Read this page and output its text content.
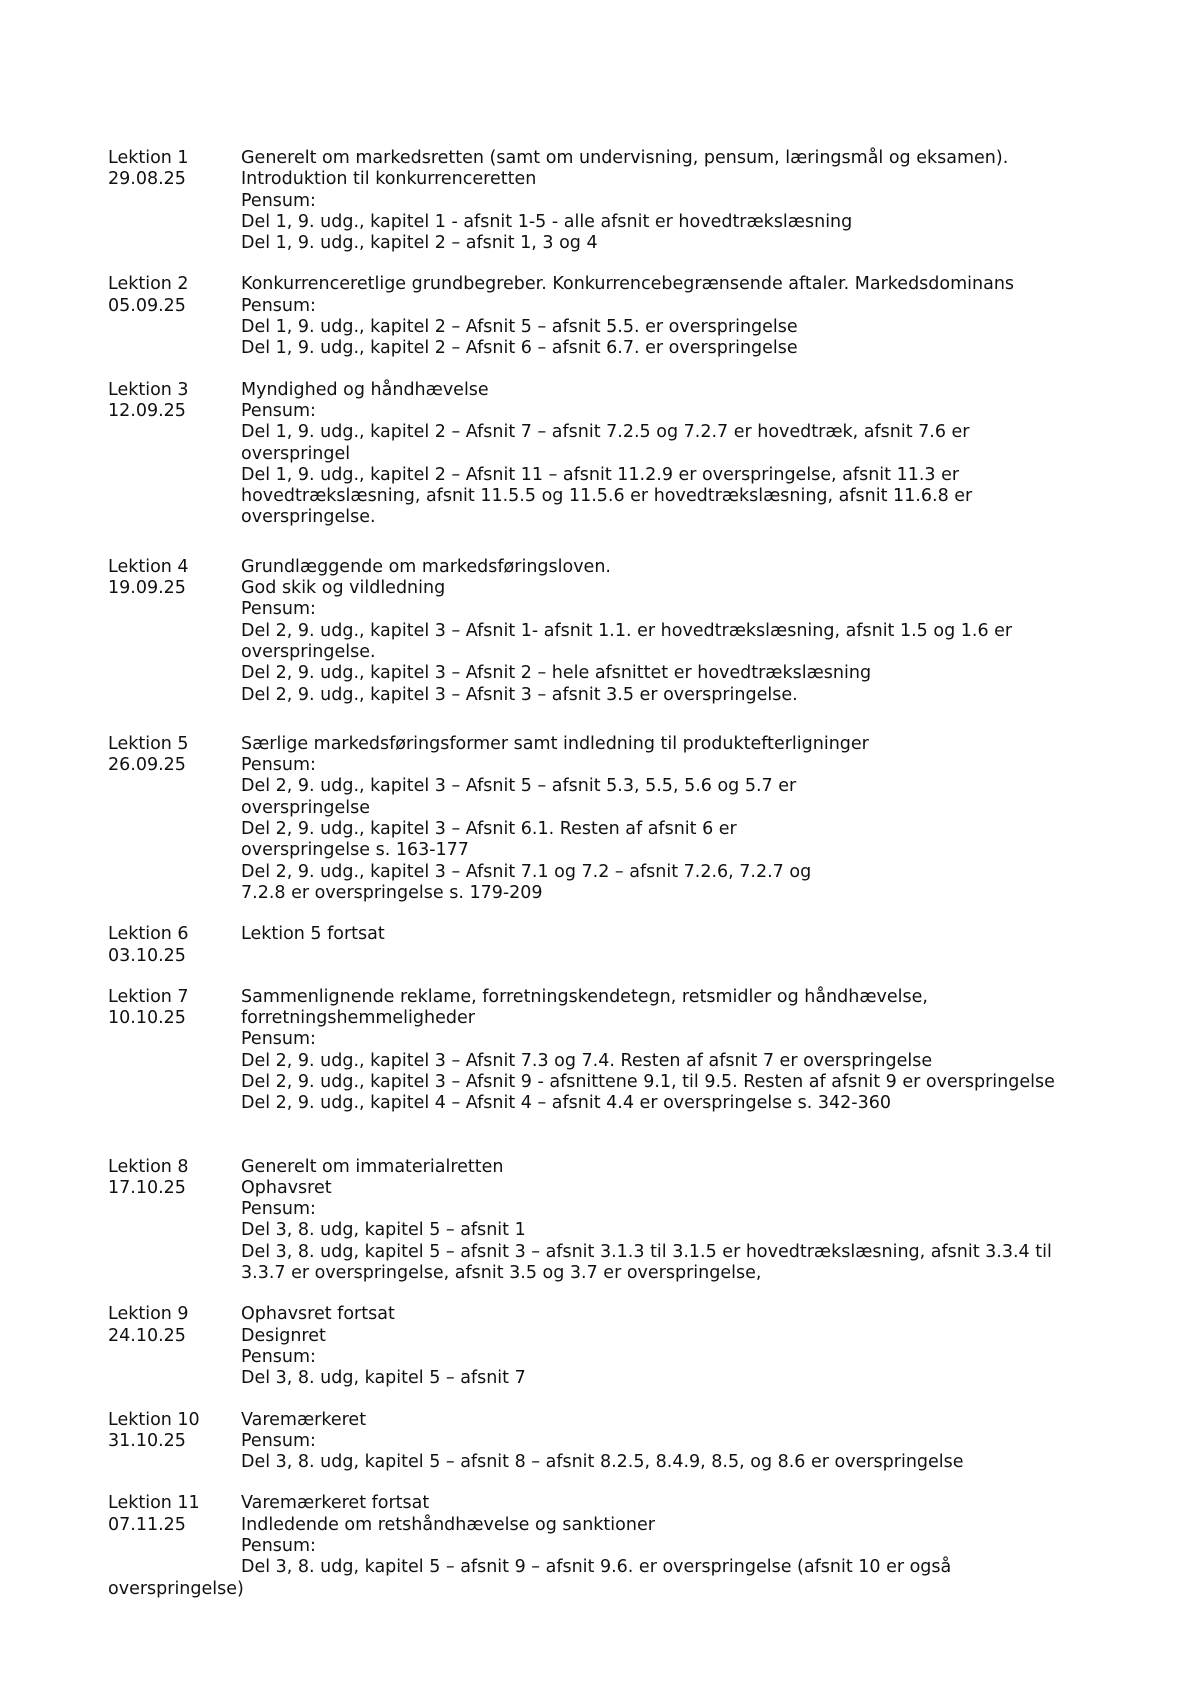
Lektion 1
29.08.25
Generelt om markedsretten (samt om undervisning, pensum, læringsmål og eksamen).
Introduktion til konkurrenceretten
Pensum:
Del 1, 9. udg., kapitel 1 - afsnit 1-5 - alle afsnit er hovedtrækslæsning
Del 1, 9. udg., kapitel 2 – afsnit 1, 3 og 4
Lektion 2
05.09.25
Konkurrenceretlige grundbegreber. Konkurrencebegrænsende aftaler. Markedsdominans
Pensum:
Del 1, 9. udg., kapitel 2 – Afsnit 5 – afsnit 5.5. er overspringelse
Del 1, 9. udg., kapitel 2 – Afsnit 6 – afsnit 6.7. er overspringelse
Lektion 3
12.09.25
Myndighed og håndhævelse
Pensum:
Del 1, 9. udg., kapitel 2 – Afsnit 7 – afsnit 7.2.5 og 7.2.7 er hovedtræk, afsnit 7.6 er
overspringel
Del 1, 9. udg., kapitel 2 – Afsnit 11 – afsnit 11.2.9 er overspringelse, afsnit 11.3 er
hovedtrækslæsning, afsnit 11.5.5 og 11.5.6 er hovedtrækslæsning, afsnit 11.6.8 er
overspringelse.
Lektion 4
19.09.25
Grundlæggende om markedsføringsloven.
God skik og vildledning
Pensum:
Del 2, 9. udg., kapitel 3 – Afsnit 1- afsnit 1.1. er hovedtrækslæsning, afsnit 1.5 og 1.6 er
overspringelse.
Del 2, 9. udg., kapitel 3 – Afsnit 2 – hele afsnittet er hovedtrækslæsning
Del 2, 9. udg., kapitel 3 – Afsnit 3 – afsnit 3.5 er overspringelse.
Lektion 5
26.09.25
Særlige markedsføringsformer samt indledning til produktefterligninger
Pensum:
Del 2, 9. udg., kapitel 3 – Afsnit 5 – afsnit 5.3, 5.5, 5.6 og 5.7 er
overspringelse
Del 2, 9. udg., kapitel 3 – Afsnit 6.1. Resten af afsnit 6 er
overspringelse s. 163-177
Del 2, 9. udg., kapitel 3 – Afsnit 7.1 og 7.2 – afsnit 7.2.6, 7.2.7 og
7.2.8 er overspringelse s. 179-209
Lektion 6
03.10.25
Lektion 5 fortsat

Lektion 7
10.10.25
Sammenlignende reklame, forretningskendetegn, retsmidler og håndhævelse,
forretningshemmeligheder
Pensum:
Del 2, 9. udg., kapitel 3 – Afsnit 7.3 og 7.4. Resten af afsnit 7 er overspringelse
Del 2, 9. udg., kapitel 3 – Afsnit 9 - afsnittene 9.1, til 9.5. Resten af afsnit 9 er overspringelse
Del 2, 9. udg., kapitel 4 – Afsnit 4 – afsnit 4.4 er overspringelse s. 342-360
Lektion 8
17.10.25
Generelt om immaterialretten
Ophavsret
Pensum:
Del 3, 8. udg, kapitel 5 – afsnit 1
Del 3, 8. udg, kapitel 5 – afsnit 3 – afsnit 3.1.3 til 3.1.5 er hovedtrækslæsning, afsnit 3.3.4 til
3.3.7 er overspringelse, afsnit 3.5 og 3.7 er overspringelse,
Lektion 9
24.10.25
Ophavsret fortsat
Designret
Pensum:
Del 3, 8. udg, kapitel 5 – afsnit 7
Lektion 10
31.10.25
Varemærkeret
Pensum:
Del 3, 8. udg, kapitel 5 – afsnit 8 – afsnit 8.2.5, 8.4.9, 8.5, og 8.6 er overspringelse
Lektion 11
07.11.25
Varemærkeret fortsat
Indledende om retshåndhævelse og sanktioner
Pensum:
Del 3, 8. udg, kapitel 5 – afsnit 9 – afsnit 9.6. er overspringelse (afsnit 10 er også
overspringelse)
